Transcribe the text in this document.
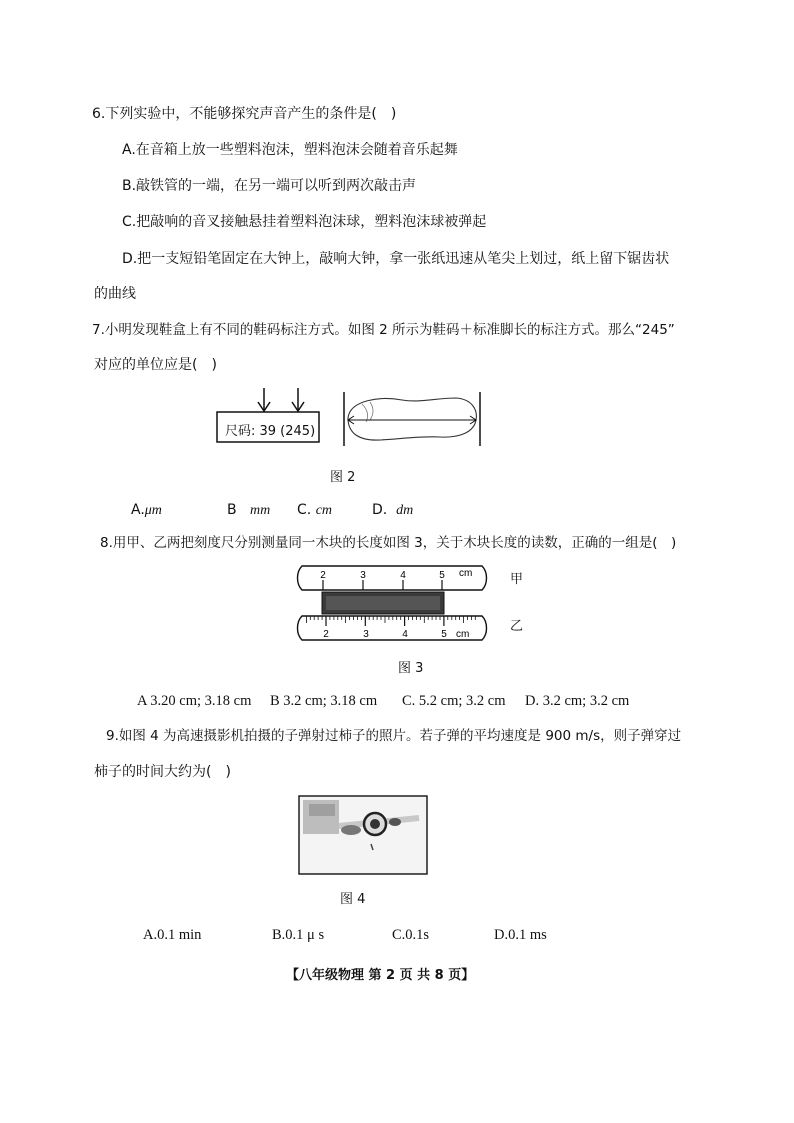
6.下列实验中，不能够探究声音产生的条件是(　)
A.在音箱上放一些塑料泡沫，塑料泡沫会随着音乐起舞
B.敲铁管的一端，在另一端可以听到两次敲击声
C.把敲响的音叉接触悬挂着塑料泡沫球，塑料泡沫球被弹起
D.把一支短铅笔固定在大钟上，敲响大钟，拿一张纸迅速从笔尖上划过，纸上留下锯齿状
的曲线
7.小明发现鞋盒上有不同的鞋码标注方式。如图 2 所示为鞋码＋标准脚长的标注方式。那么“245”
对应的单位应是(　)
尺码: 39 (245)
图 2
A.μm	B mm C. cm	D. dm
8.用甲、乙两把刻度尺分别测量同一木块的长度如图 3，关于木块长度的读数，正确的一组是(　)
2	3	4	5 cm
2	3	4	5 cm
甲
乙
图 3
A 3.20 cm; 3.18 cm B 3.2 cm; 3.18 cm C. 5.2 cm; 3.2 cm D. 3.2 cm; 3.2 cm
9.如图 4 为高速摄影机拍摄的子弹射过柿子的照片。若子弹的平均速度是 900 m/s，则子弹穿过
柿子的时间大约为(　)
图 4
A.0.1 min	B.0.1 μ s	C.0.1s	D.0.1 ms
【八年级物理 第 2 页 共 8 页】
